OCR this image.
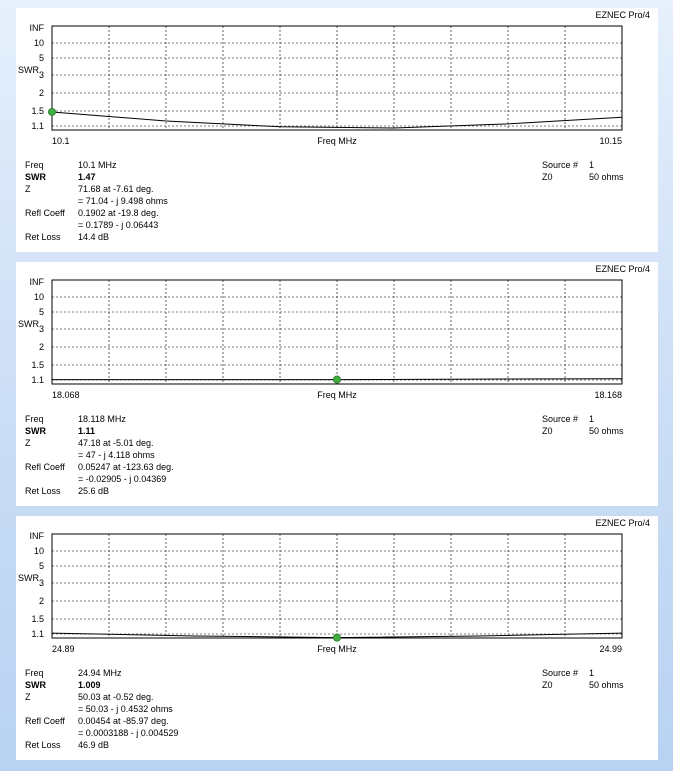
EZNEC Pro/4
INF
10
5
3
2
1.5
1.1
SWR
10.1	10.15
Freq MHz
Freq	10.1 MHz
SWR	1.47
Z	71.68 at -7.61 deg.
= 71.04 - j 9.498 ohms
Refl Coeff 0.1902 at -19.8 deg.
= 0.1789 - j 0.06443
Ret Loss 14.4 dB
Source # 1
Z0	50 ohms
EZNEC Pro/4
INF
10
5
3
2
1.5
1.1
SWR
18.068	18.168
Freq MHz
Freq	18.118 MHz
SWR	1.11
Z	47.18 at -5.01 deg.
= 47 - j 4.118 ohms
Refl Coeff 0.05247 at -123.63 deg.
= -0.02905 - j 0.04369
Ret Loss 25.6 dB
Source # 1
Z0	50 ohms
EZNEC Pro/4
INF
10
5
3
2
1.5
1.1
SWR
24.89	24.99
Freq MHz
Freq	24.94 MHz
SWR	1.009
Z	50.03 at -0.52 deg.
= 50.03 - j 0.4532 ohms
Refl Coeff 0.00454 at -85.97 deg.
= 0.0003188 - j 0.004529
Ret Loss 46.9 dB
Source # 1
Z0	50 ohms
